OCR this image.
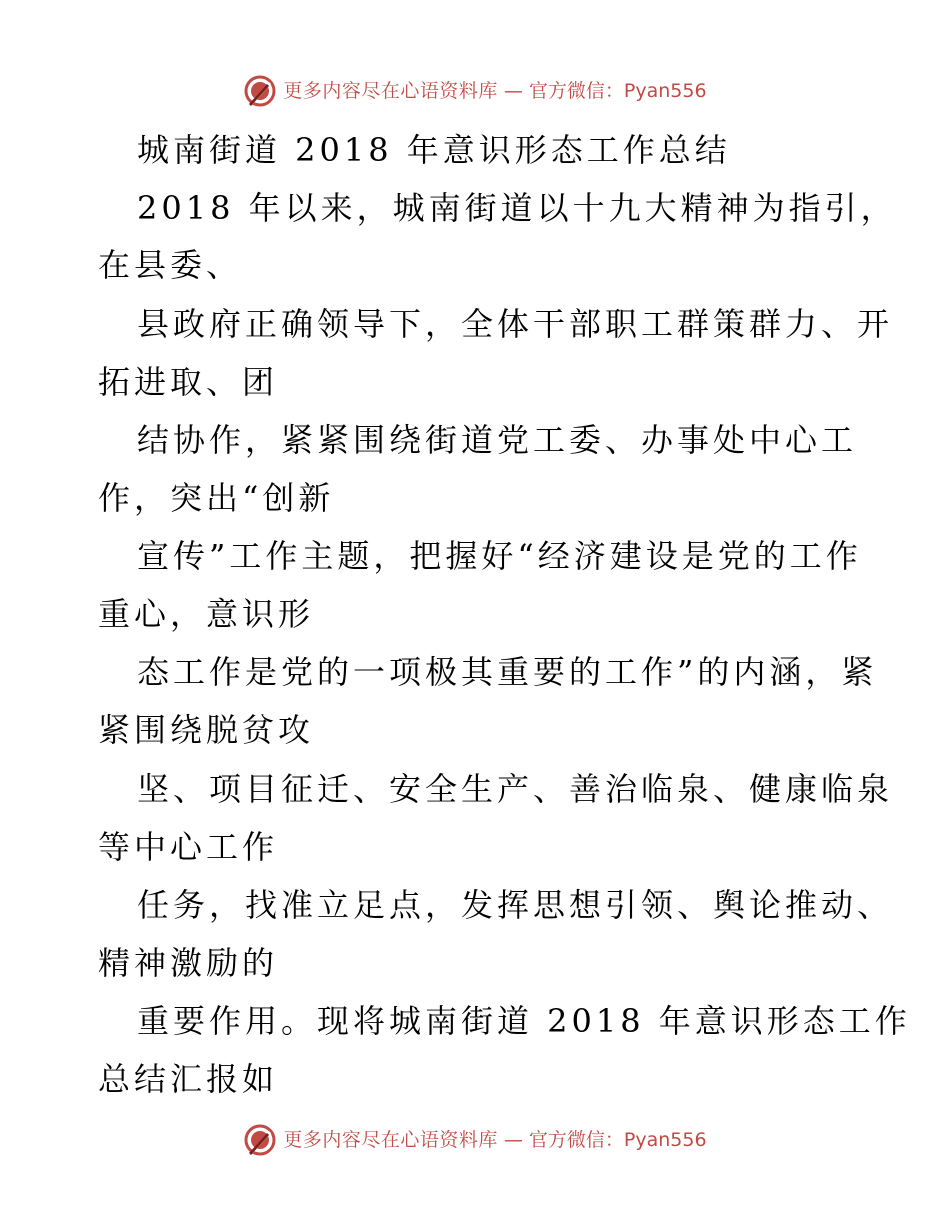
更多内容尽在心语资料库 — 官方微信：Pyan556
城南街道 2018 年意识形态工作总结
2018 年以来，城南街道以十九大精神为指引，
在县委、
县政府正确领导下，全体干部职工群策群力、开
拓进取、团
结协作，紧紧围绕街道党工委、办事处中心工
作，突出“创新
宣传”工作主题，把握好“经济建设是党的工作
重心，意识形
态工作是党的一项极其重要的工作”的内涵，紧
紧围绕脱贫攻
坚、项目征迁、安全生产、善治临泉、健康临泉
等中心工作
任务，找准立足点，发挥思想引领、舆论推动、
精神激励的
重要作用。现将城南街道 2018 年意识形态工作
总结汇报如
更多内容尽在心语资料库 — 官方微信：Pyan556
